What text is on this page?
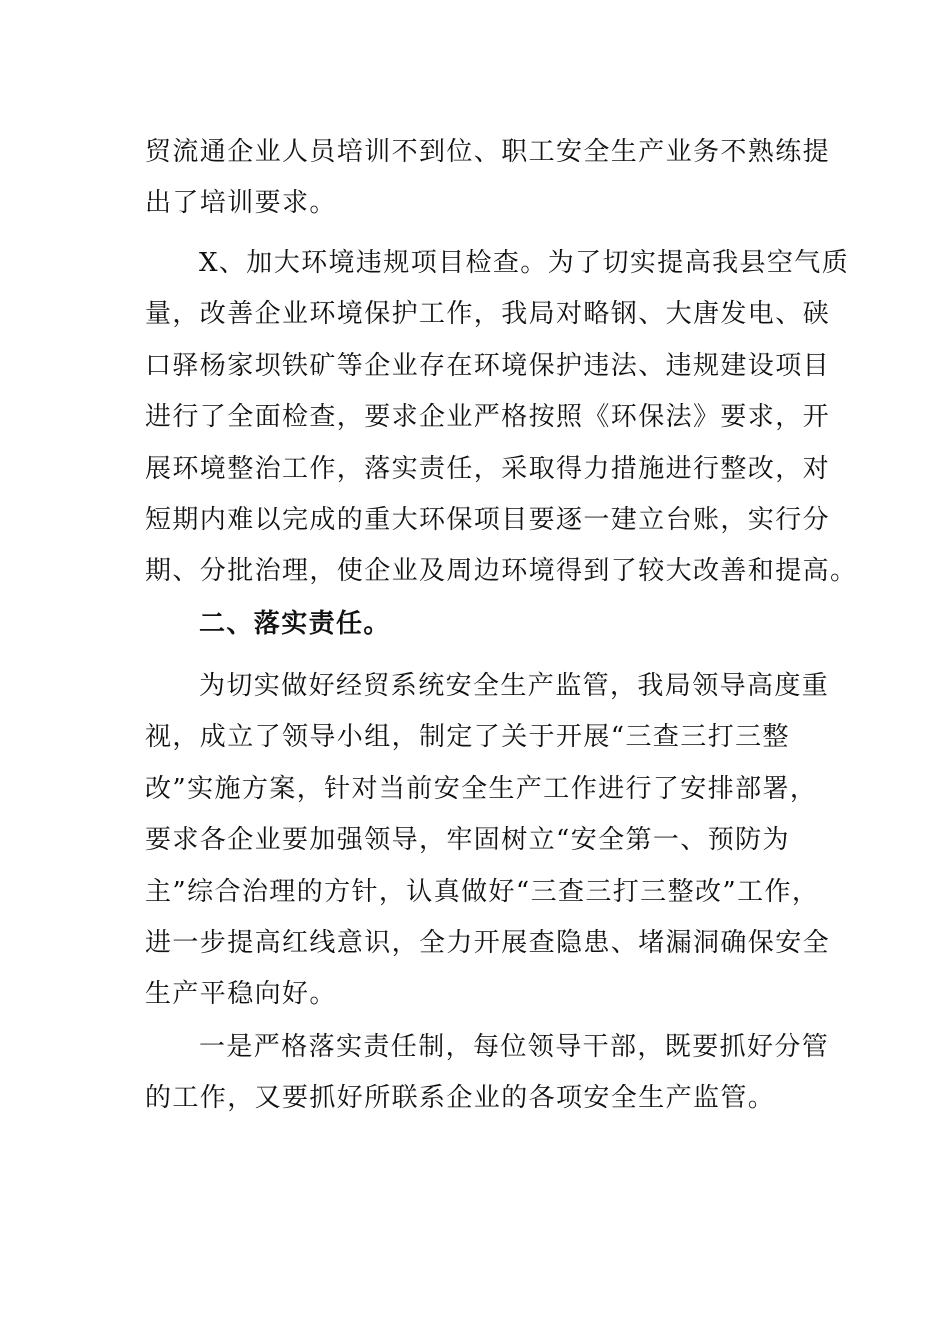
贸流通企业人员培训不到位、职工安全生产业务不熟练提
出了培训要求。
X、加大环境违规项目检查。为了切实提高我县空气质
量，改善企业环境保护工作，我局对略钢、大唐发电、硖
口驿杨家坝铁矿等企业存在环境保护违法、违规建设项目
进行了全面检查，要求企业严格按照《环保法》要求，开
展环境整治工作，落实责任，采取得力措施进行整改，对
短期内难以完成的重大环保项目要逐一建立台账，实行分
期、分批治理，使企业及周边环境得到了较大改善和提高。
二、落实责任。
为切实做好经贸系统安全生产监管，我局领导高度重
视，成立了领导小组，制定了关于开展“三查三打三整
改”实施方案，针对当前安全生产工作进行了安排部署，
要求各企业要加强领导，牢固树立“安全第一、预防为
主”综合治理的方针，认真做好“三查三打三整改”工作，
进一步提高红线意识，全力开展查隐患、堵漏洞确保安全
生产平稳向好。
一是严格落实责任制，每位领导干部，既要抓好分管
的工作，又要抓好所联系企业的各项安全生产监管。
